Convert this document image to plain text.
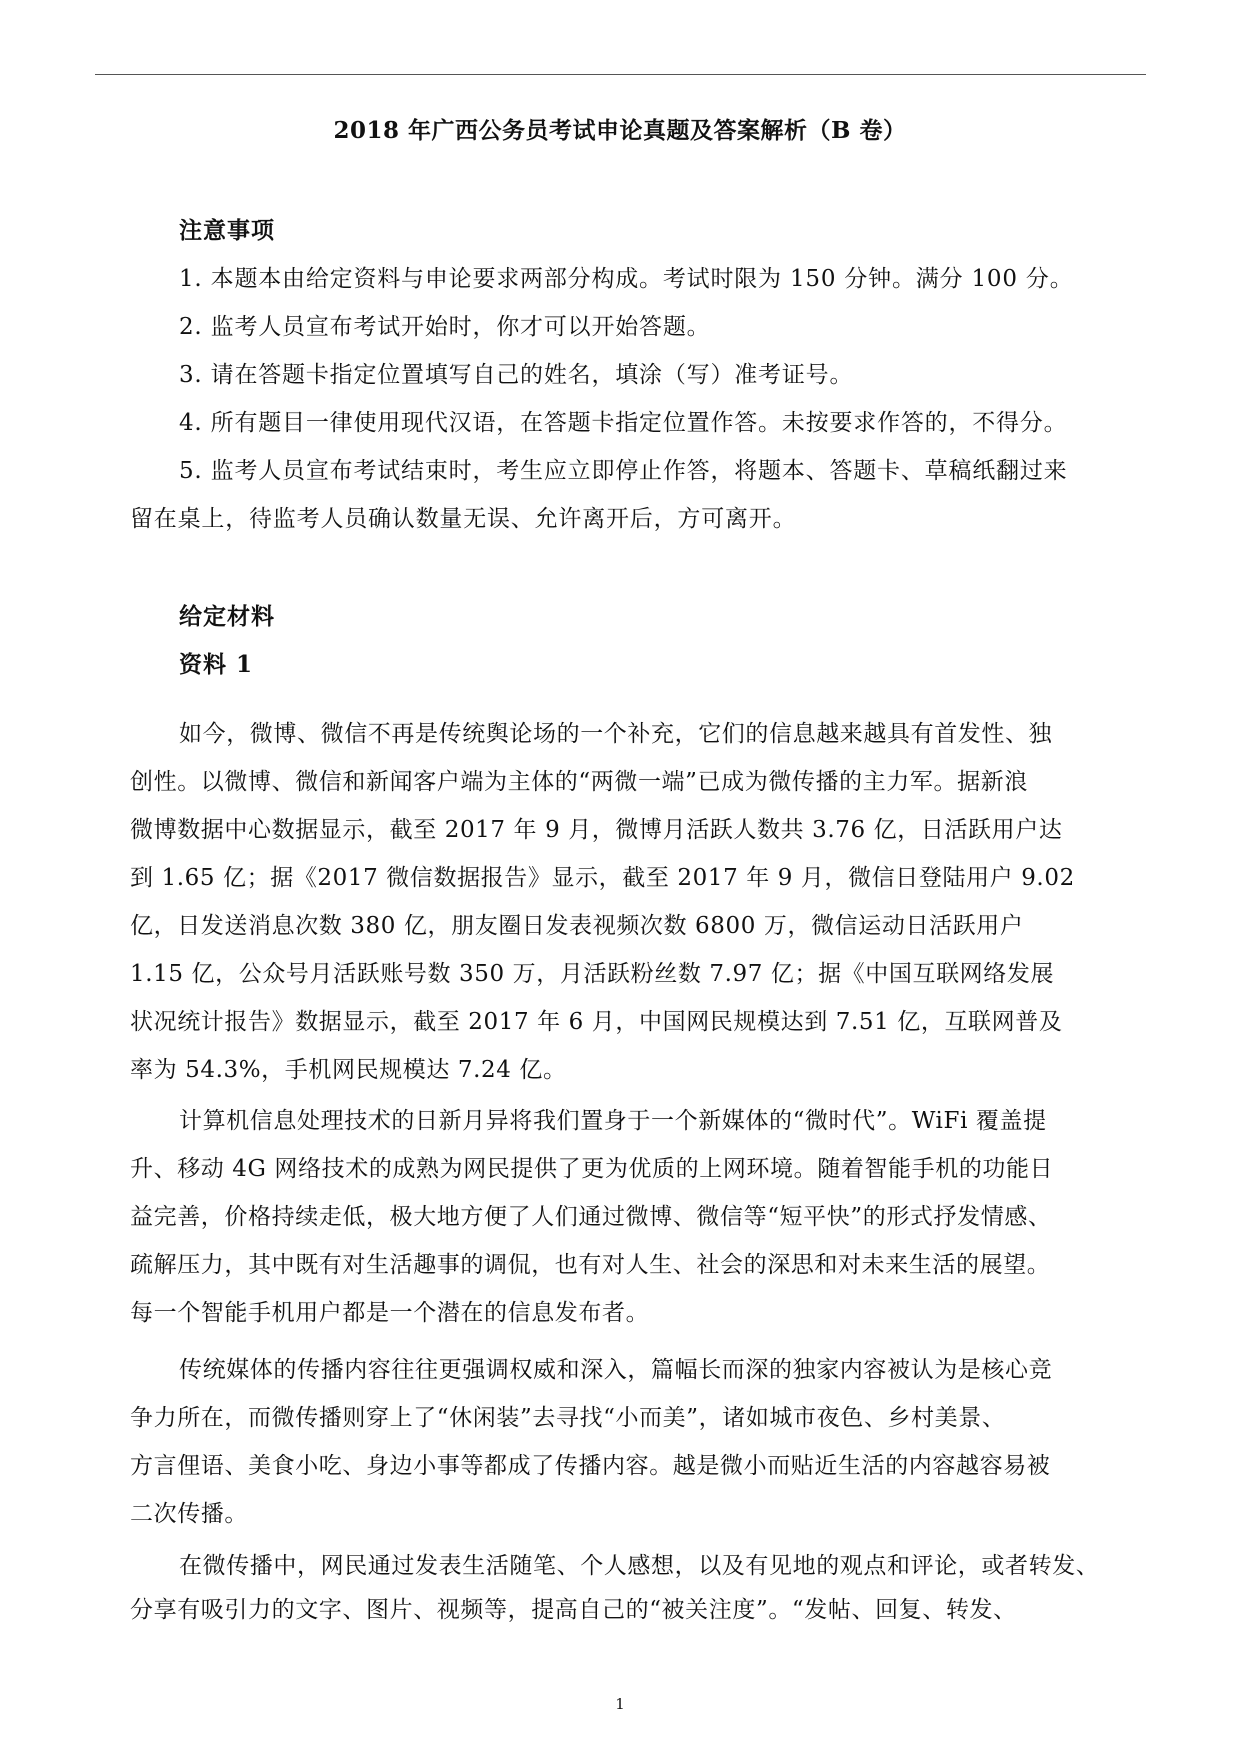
2018 年广西公务员考试申论真题及答案解析（B 卷）
注意事项
1. 本题本由给定资料与申论要求两部分构成。考试时限为 150 分钟。满分 100 分。
2. 监考人员宣布考试开始时，你才可以开始答题。
3. 请在答题卡指定位置填写自己的姓名，填涂（写）准考证号。
4. 所有题目一律使用现代汉语，在答题卡指定位置作答。未按要求作答的，不得分。
5. 监考人员宣布考试结束时，考生应立即停止作答，将题本、答题卡、草稿纸翻过来
留在桌上，待监考人员确认数量无误、允许离开后，方可离开。
给定材料
资料 1
如今，微博、微信不再是传统舆论场的一个补充，它们的信息越来越具有首发性、独
创性。以微博、微信和新闻客户端为主体的“两微一端”已成为微传播的主力军。据新浪
微博数据中心数据显示，截至 2017 年 9 月，微博月活跃人数共 3.76 亿，日活跃用户达
到 1.65 亿；据《2017 微信数据报告》显示，截至 2017 年 9 月，微信日登陆用户 9.02
亿，日发送消息次数 380 亿，朋友圈日发表视频次数 6800 万，微信运动日活跃用户
1.15 亿，公众号月活跃账号数 350 万，月活跃粉丝数 7.97 亿；据《中国互联网络发展
状况统计报告》数据显示，截至 2017 年 6 月，中国网民规模达到 7.51 亿，互联网普及
率为 54.3%，手机网民规模达 7.24 亿。
计算机信息处理技术的日新月异将我们置身于一个新媒体的“微时代”。WiFi 覆盖提
升、移动 4G 网络技术的成熟为网民提供了更为优质的上网环境。随着智能手机的功能日
益完善，价格持续走低，极大地方便了人们通过微博、微信等“短平快”的形式抒发情感、
疏解压力，其中既有对生活趣事的调侃，也有对人生、社会的深思和对未来生活的展望。
每一个智能手机用户都是一个潜在的信息发布者。
传统媒体的传播内容往往更强调权威和深入，篇幅长而深的独家内容被认为是核心竞
争力所在，而微传播则穿上了“休闲装”去寻找“小而美”，诸如城市夜色、乡村美景、
方言俚语、美食小吃、身边小事等都成了传播内容。越是微小而贴近生活的内容越容易被
二次传播。
在微传播中，网民通过发表生活随笔、个人感想，以及有见地的观点和评论，或者转发、
分享有吸引力的文字、图片、视频等，提高自己的“被关注度”。“发帖、回复、转发、
1
